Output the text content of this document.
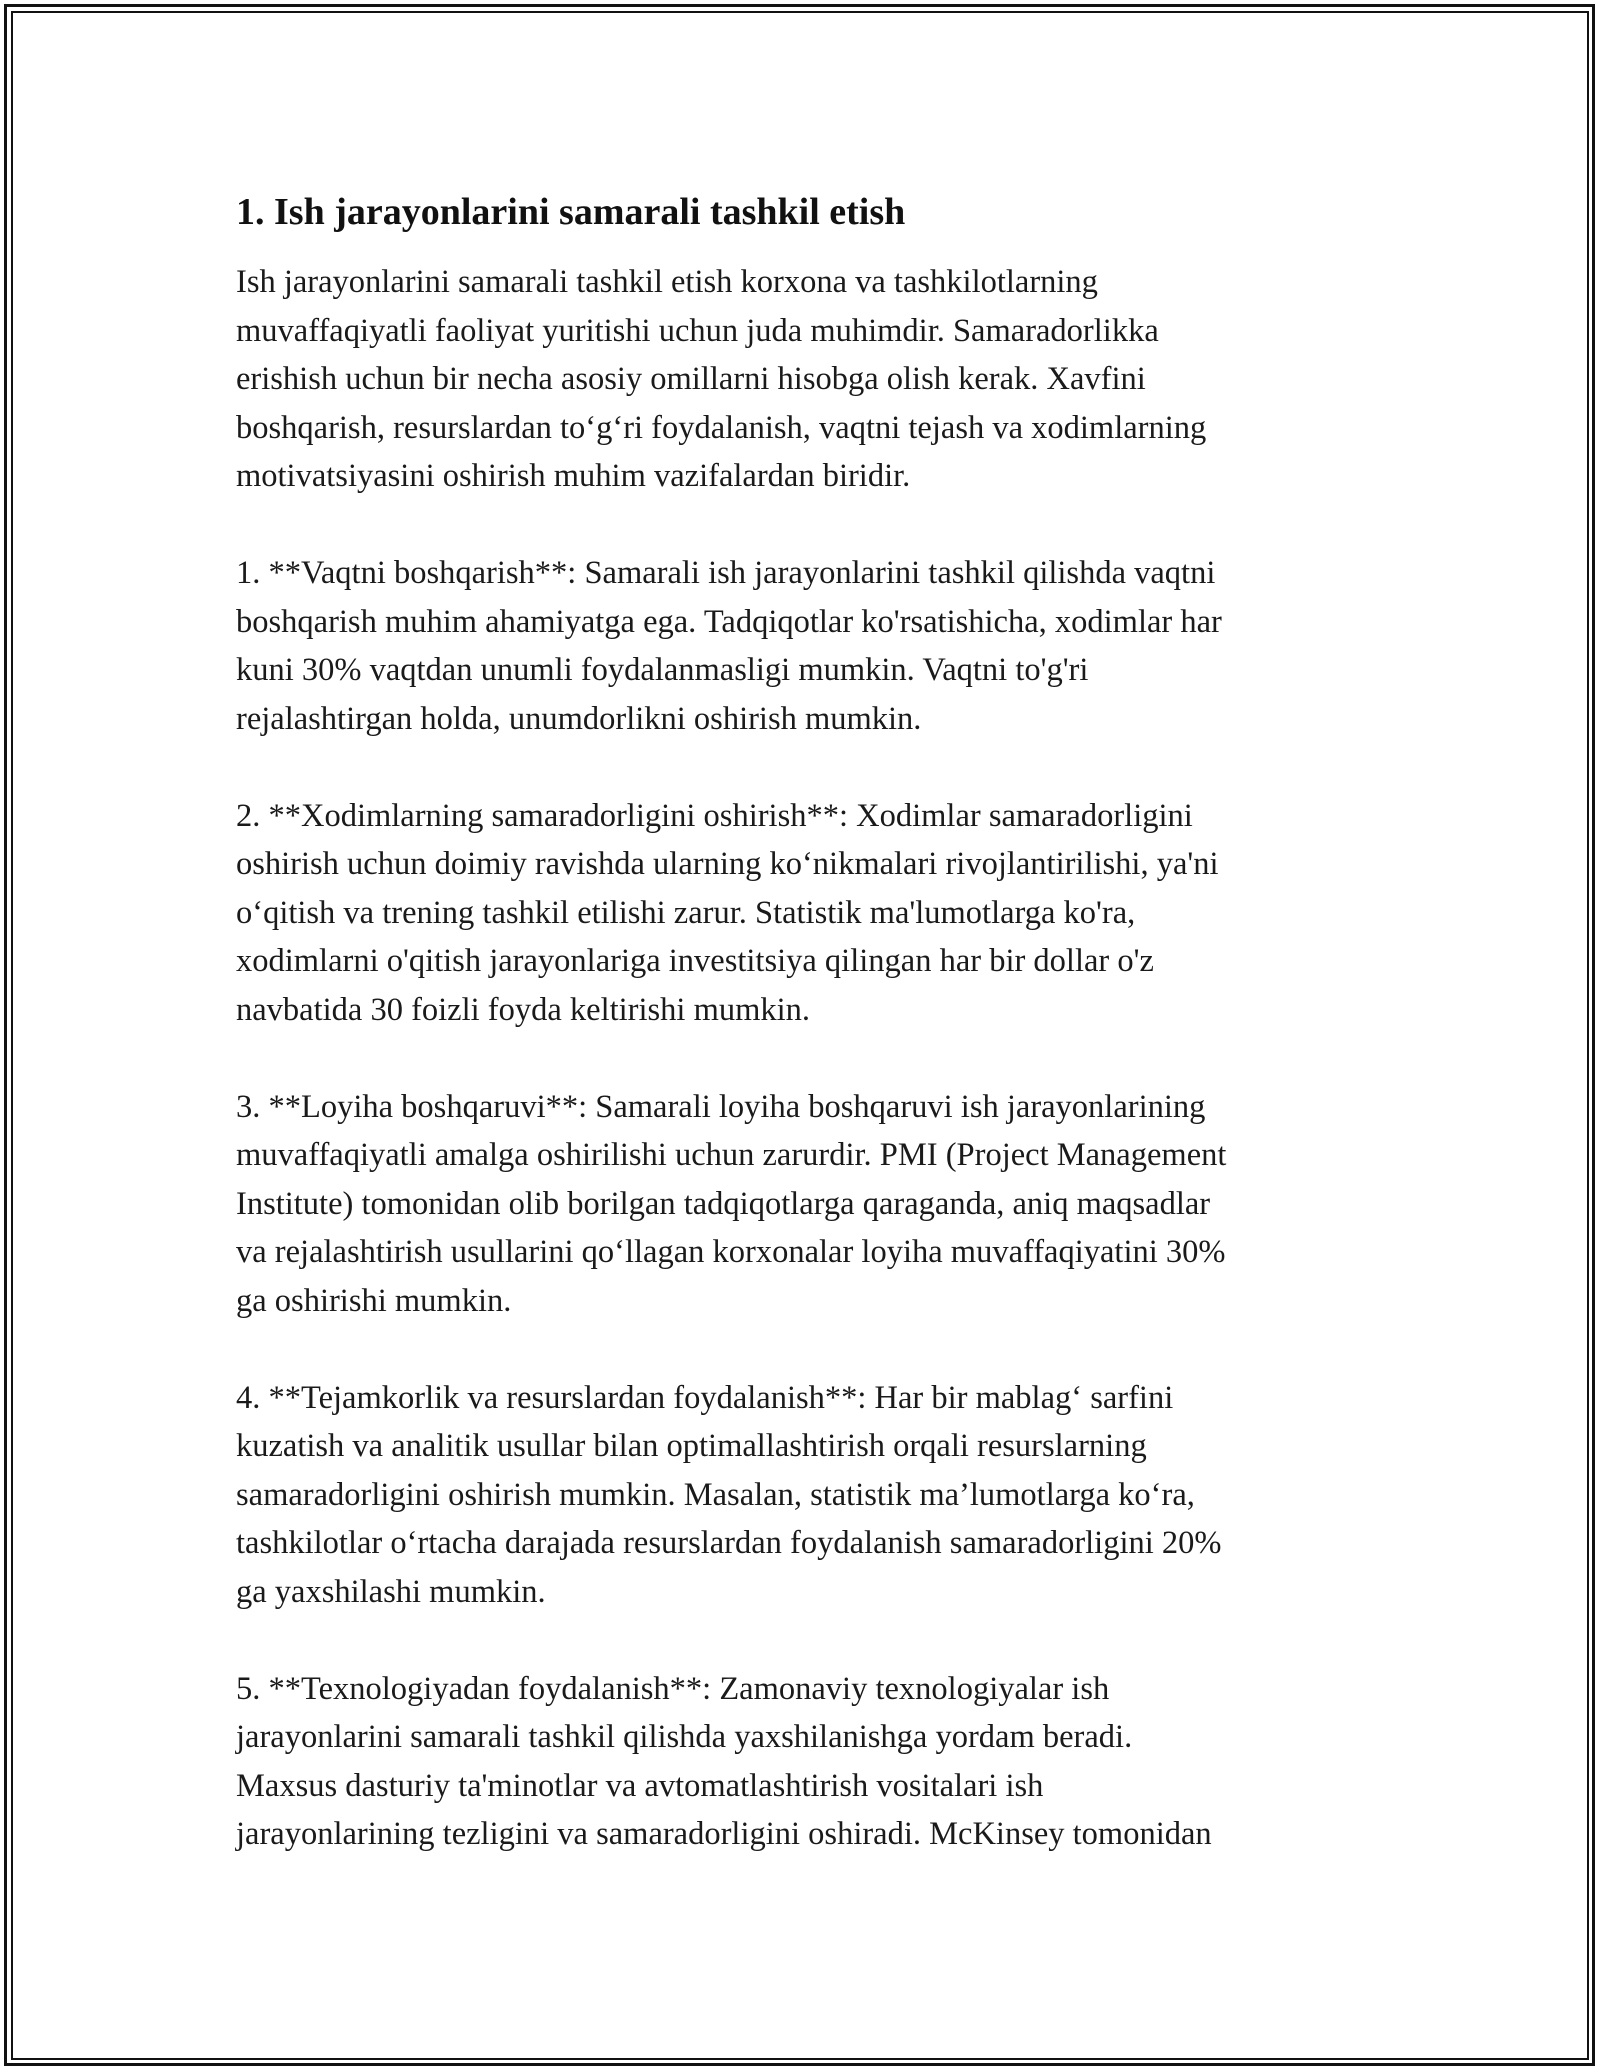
1. Ish jarayonlarini samarali tashkil etish

Ish jarayonlarini samarali tashkil etish korxona va tashkilotlarning
muvaffaqiyatli faoliyat yuritishi uchun juda muhimdir. Samaradorlikka
erishish uchun bir necha asosiy omillarni hisobga olish kerak. Xavfini
boshqarish, resurslardan to‘g‘ri foydalanish, vaqtni tejash va xodimlarning
motivatsiyasini oshirish muhim vazifalardan biridir.

1. **Vaqtni boshqarish**: Samarali ish jarayonlarini tashkil qilishda vaqtni
boshqarish muhim ahamiyatga ega. Tadqiqotlar ko'rsatishicha, xodimlar har
kuni 30% vaqtdan unumli foydalanmasligi mumkin. Vaqtni to'g'ri
rejalashtirgan holda, unumdorlikni oshirish mumkin.

2. **Xodimlarning samaradorligini oshirish**: Xodimlar samaradorligini
oshirish uchun doimiy ravishda ularning ko‘nikmalari rivojlantirilishi, ya'ni
o‘qitish va trening tashkil etilishi zarur. Statistik ma'lumotlarga ko'ra,
xodimlarni o'qitish jarayonlariga investitsiya qilingan har bir dollar o'z
navbatida 30 foizli foyda keltirishi mumkin.

3. **Loyiha boshqaruvi**: Samarali loyiha boshqaruvi ish jarayonlarining
muvaffaqiyatli amalga oshirilishi uchun zarurdir. PMI (Project Management
Institute) tomonidan olib borilgan tadqiqotlarga qaraganda, aniq maqsadlar
va rejalashtirish usullarini qo‘llagan korxonalar loyiha muvaffaqiyatini 30%
ga oshirishi mumkin.

4. **Tejamkorlik va resurslardan foydalanish**: Har bir mablag‘ sarfini
kuzatish va analitik usullar bilan optimallashtirish orqali resurslarning
samaradorligini oshirish mumkin. Masalan, statistik ma’lumotlarga ko‘ra,
tashkilotlar o‘rtacha darajada resurslardan foydalanish samaradorligini 20%
ga yaxshilashi mumkin.

5. **Texnologiyadan foydalanish**: Zamonaviy texnologiyalar ish
jarayonlarini samarali tashkil qilishda yaxshilanishga yordam beradi.
Maxsus dasturiy ta'minotlar va avtomatlashtirish vositalari ish
jarayonlarining tezligini va samaradorligini oshiradi. McKinsey tomonidan
